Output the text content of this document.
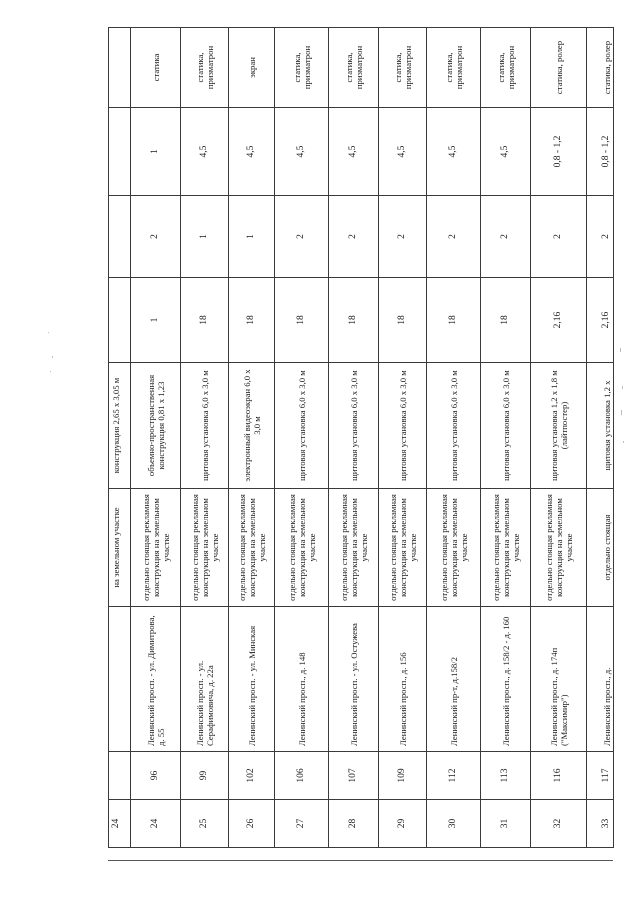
24			на земельном участке	конструкция 2,65 x 3,05 м				
24	96	Ленинский просп. - ул. Димитрова, д. 55	отдельно стоящая рекламная конструкция на земельном участке	объемно-пространственная конструкция 0,81 х 1,23	1	2	1	статика
25	99	Ленинский просп. - ул. Серафимовича, д. 22а	отдельно стоящая рекламная конструкция на земельном участке	щитовая установка 6,0 x 3,0 м	18	1	4,5	статика, призматрон
26	102	Ленинский просп. - ул. Минская	отдельно стоящая рекламная конструкция на земельном участке	электронный видеоэкран 6,0 x 3,0 м	18	1	4,5	экран
27	106	Ленинский просп., д. 148	отдельно стоящая рекламная конструкция на земельном участке	щитовая установка 6,0 x 3,0 м	18	2	4,5	статика, призматрон
28	107	Ленинский просп. - ул. Остужева	отдельно стоящая рекламная конструкция на земельном участке	щитовая установка 6,0 x 3,0 м	18	2	4,5	статика, призматрон
29	109	Ленинский просп., д. 156	отдельно стоящая рекламная конструкция на земельном участке	щитовая установка 6,0 x 3,0 м	18	2	4,5	статика, призматрон
30	112	Ленинский пр-т, д.158/2	отдельно стоящая рекламная конструкция на земельном участке	щитовая установка 6,0 x 3,0 м	18	2	4,5	статика, призматрон
31	113	Ленинский просп., д. 158/2 - д. 160	отдельно стоящая рекламная конструкция на земельном участке	щитовая установка 6,0 x 3,0 м	18	2	4,5	статика, призматрон
32	116	Ленинский просп., д. 174п ("Максимир")	отдельно стоящая рекламная конструкция на земельном участке	щитовая установка 1,2 x 1,8 м (лайтпостер)	2,16	2	0,8 - 1,2	статика, ролер
33	117	Ленинский просп., д.	отдельно стоящая	щитовая установка 1,2 x	2,16	2	0,8 - 1,2	статика, ролер
